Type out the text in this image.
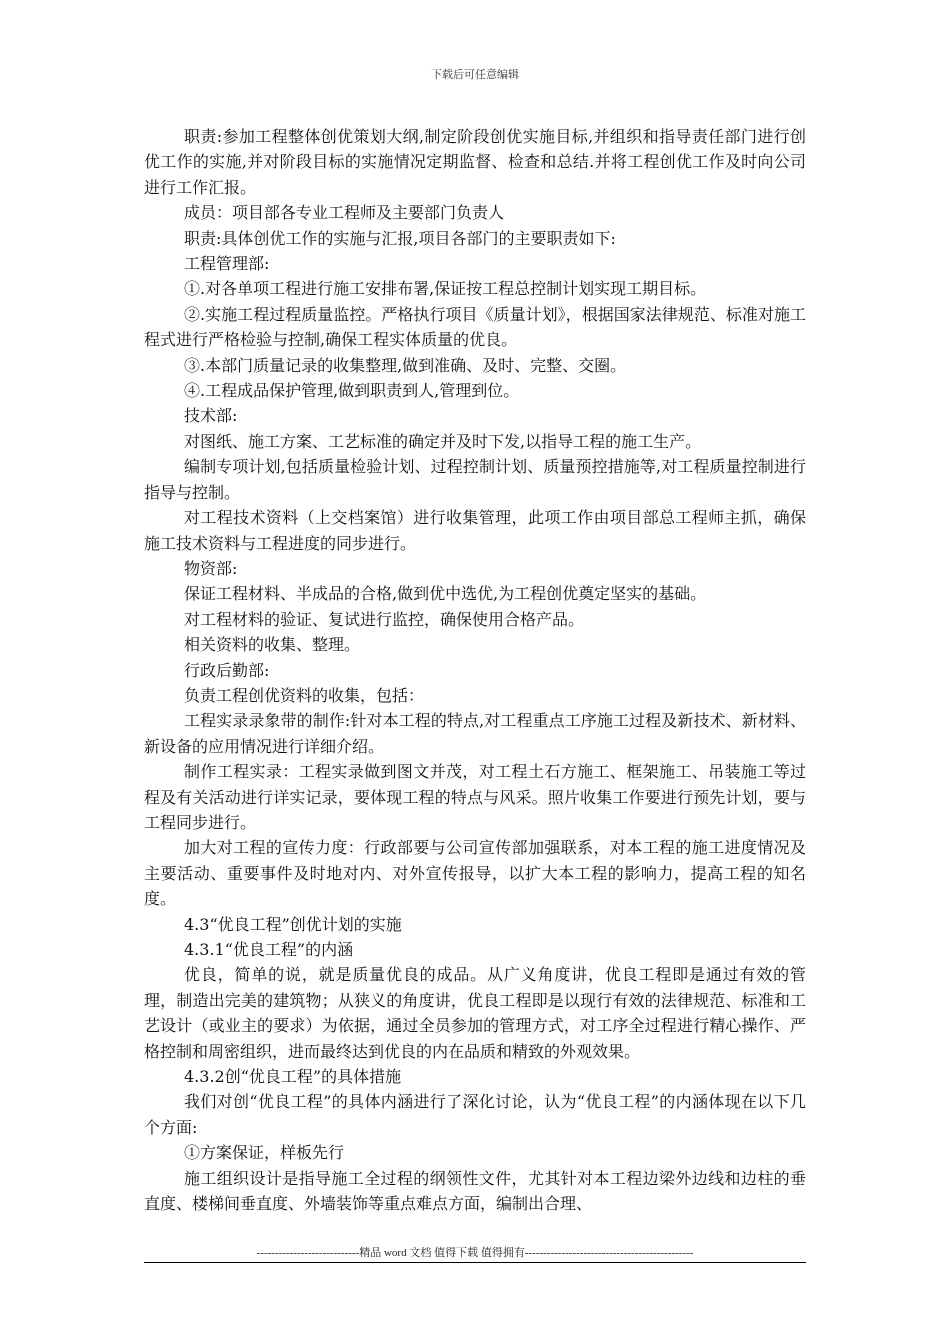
下载后可任意编辑

职责:参加工程整体创优策划大纲,制定阶段创优实施目标,并组织和指导责任部门进行创优工作的实施,并对阶段目标的实施情况定期监督、检查和总结.并将工程创优工作及时向公司进行工作汇报。

成员：项目部各专业工程师及主要部门负责人

职责:具体创优工作的实施与汇报,项目各部门的主要职责如下:

工程管理部:

①.对各单项工程进行施工安排布署,保证按工程总控制计划实现工期目标。

②.实施工程过程质量监控。严格执行项目《质量计划》，根据国家法律规范、标准对施工程式进行严格检验与控制,确保工程实体质量的优良。

③.本部门质量记录的收集整理,做到准确、及时、完整、交圈。

④.工程成品保护管理,做到职责到人,管理到位。

技术部:

对图纸、施工方案、工艺标准的确定并及时下发,以指导工程的施工生产。

编制专项计划,包括质量检验计划、过程控制计划、质量预控措施等,对工程质量控制进行指导与控制。

对工程技术资料（上交档案馆）进行收集管理，此项工作由项目部总工程师主抓，确保施工技术资料与工程进度的同步进行。

物资部:

保证工程材料、半成品的合格,做到优中选优,为工程创优奠定坚实的基础。

对工程材料的验证、复试进行监控，确保使用合格产品。

相关资料的收集、整理。

行政后勤部:

负责工程创优资料的收集，包括：

工程实录录象带的制作:针对本工程的特点,对工程重点工序施工过程及新技术、新材料、新设备的应用情况进行详细介绍。

制作工程实录：工程实录做到图文并茂，对工程土石方施工、框架施工、吊装施工等过程及有关活动进行详实记录，要体现工程的特点与风采。照片收集工作要进行预先计划，要与工程同步进行。

加大对工程的宣传力度：行政部要与公司宣传部加强联系，对本工程的施工进度情况及主要活动、重要事件及时地对内、对外宣传报导，以扩大本工程的影响力，提高工程的知名度。

4.3“优良工程”创优计划的实施

4.3.1“优良工程”的内涵

优良，简单的说，就是质量优良的成品。从广义角度讲，优良工程即是通过有效的管理，制造出完美的建筑物；从狭义的角度讲，优良工程即是以现行有效的法律规范、标准和工艺设计（或业主的要求）为依据，通过全员参加的管理方式，对工序全过程进行精心操作、严格控制和周密组织，进而最终达到优良的内在品质和精致的外观效果。

4.3.2创“优良工程”的具体措施

我们对创“优良工程”的具体内涵进行了深化讨论，认为“优良工程”的内涵体现在以下几个方面:

①方案保证，样板先行

施工组织设计是指导施工全过程的纲领性文件，尤其针对本工程边梁外边线和边柱的垂直度、楼梯间垂直度、外墙装饰等重点难点方面，编制出合理、

----------------------------精品 word 文档 值得下载 值得拥有----------------------------------------------
